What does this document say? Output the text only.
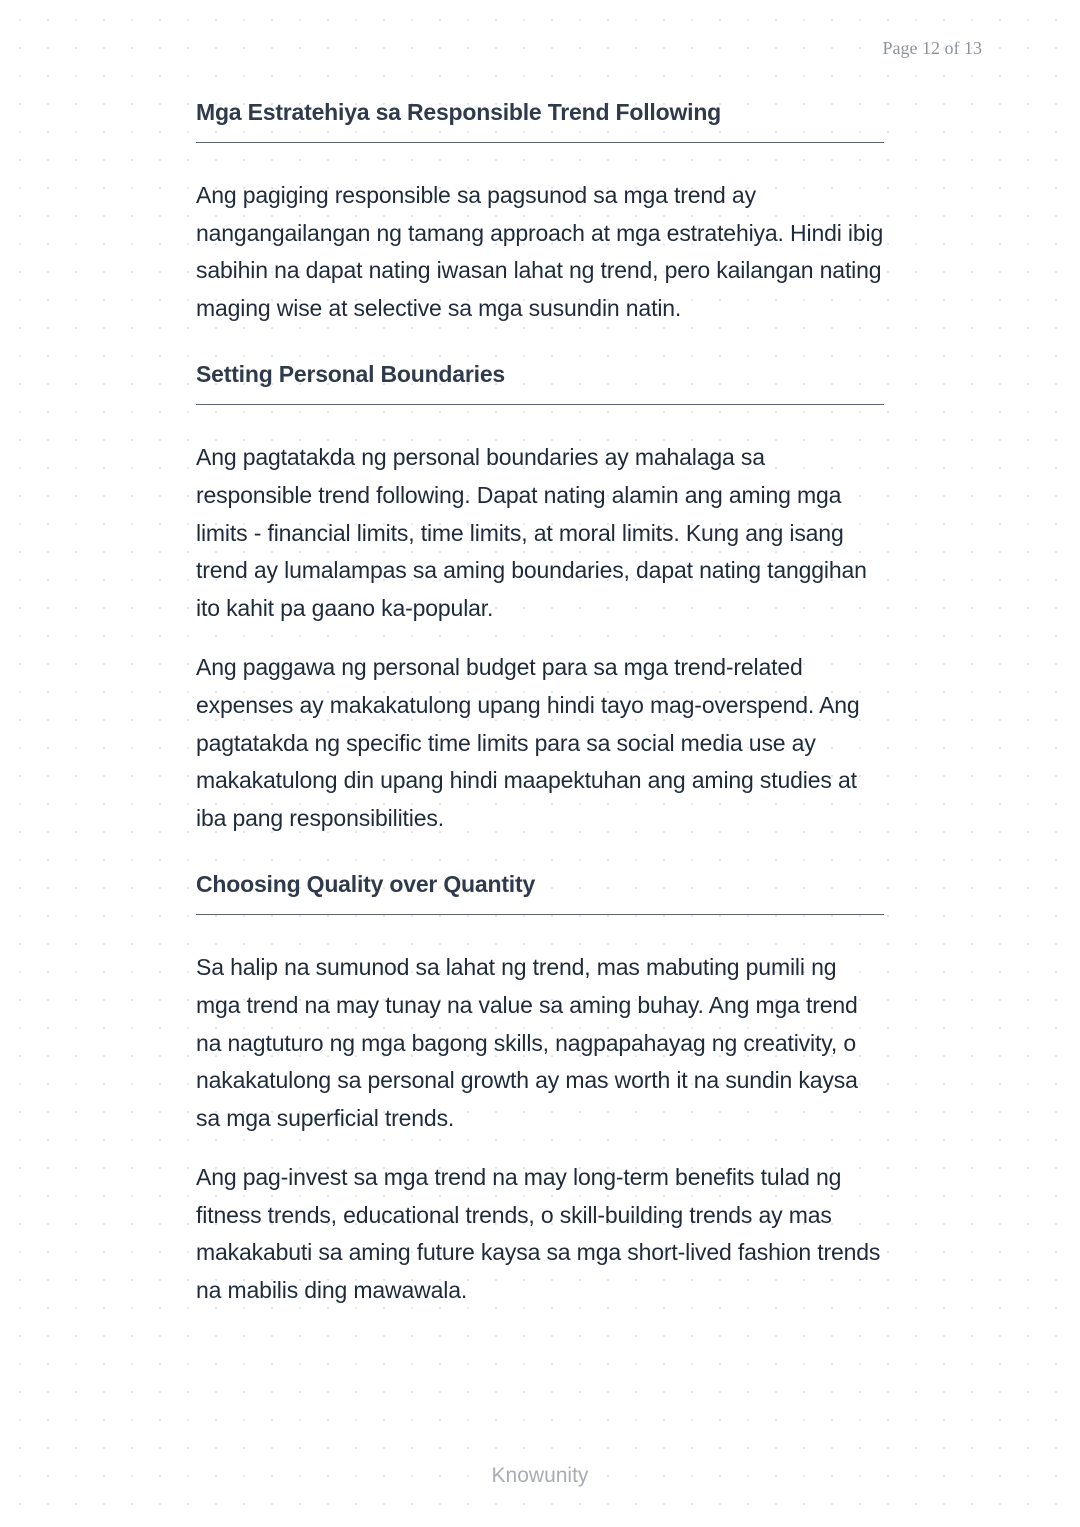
Page 12 of 13
Mga Estratehiya sa Responsible Trend Following

Ang pagiging responsible sa pagsunod sa mga trend ay nangangailangan ng tamang approach at mga estratehiya. Hindi ibig sabihin na dapat nating iwasan lahat ng trend, pero kailangan nating maging wise at selective sa mga susundin natin.

Setting Personal Boundaries

Ang pagtatakda ng personal boundaries ay mahalaga sa responsible trend following. Dapat nating alamin ang aming mga limits - financial limits, time limits, at moral limits. Kung ang isang trend ay lumalampas sa aming boundaries, dapat nating tanggihan ito kahit pa gaano ka-popular.

Ang paggawa ng personal budget para sa mga trend-related expenses ay makakatulong upang hindi tayo mag-overspend. Ang pagtatakda ng specific time limits para sa social media use ay makakatulong din upang hindi maapektuhan ang aming studies at iba pang responsibilities.

Choosing Quality over Quantity

Sa halip na sumunod sa lahat ng trend, mas mabuting pumili ng mga trend na may tunay na value sa aming buhay. Ang mga trend na nagtuturo ng mga bagong skills, nagpapahayag ng creativity, o nakakatulong sa personal growth ay mas worth it na sundin kaysa sa mga superficial trends.

Ang pag-invest sa mga trend na may long-term benefits tulad ng fitness trends, educational trends, o skill-building trends ay mas makakabuti sa aming future kaysa sa mga short-lived fashion trends na mabilis ding mawawala.

Knowunity
